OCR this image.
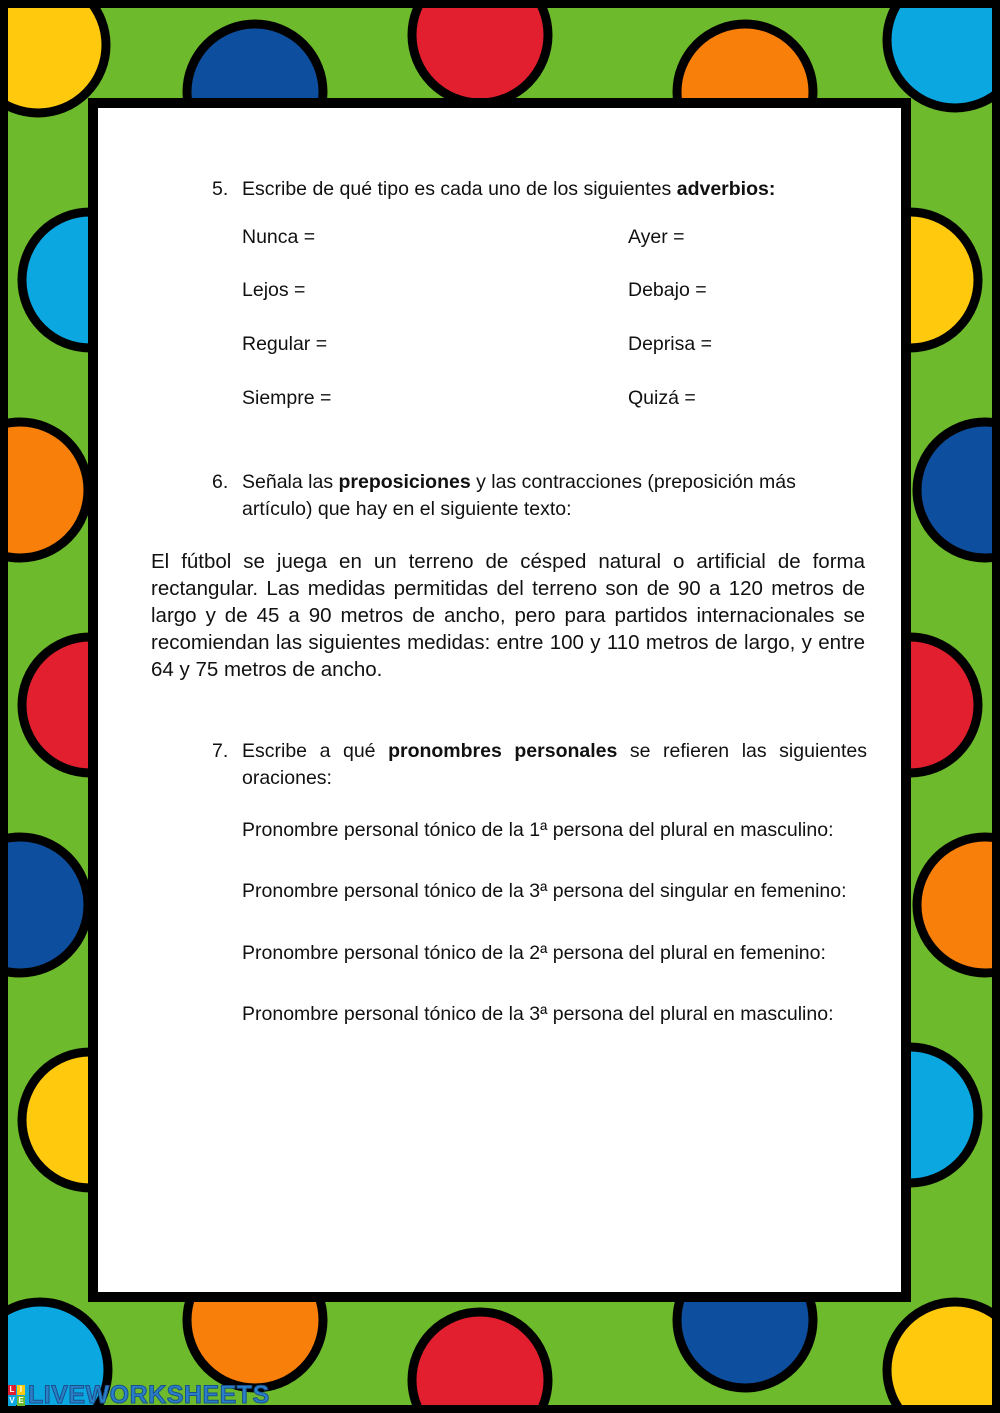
5. Escribe de qué tipo es cada uno de los siguientes adverbios:
Nunca =	Ayer =
Lejos =	Debajo =
Regular =	Deprisa =
Siempre =	Quizá =
6. Señala las preposiciones y las contracciones (preposición más artículo) que hay en el siguiente texto:
El fútbol se juega en un terreno de césped natural o artificial de forma rectangular. Las medidas permitidas del terreno son de 90 a 120 metros de largo y de 45 a 90 metros de ancho, pero para partidos internacionales se recomiendan las siguientes medidas: entre 100 y 110 metros de largo, y entre 64 y 75 metros de ancho.
7. Escribe a qué pronombres personales se refieren las siguientes oraciones:
Pronombre personal tónico de la 1ª persona del plural en masculino:
Pronombre personal tónico de la 3ª persona del singular en femenino:
Pronombre personal tónico de la 2ª persona del plural en femenino:
Pronombre personal tónico de la 3ª persona del plural en masculino:
L I
V E LIVEWORKSHEETS
